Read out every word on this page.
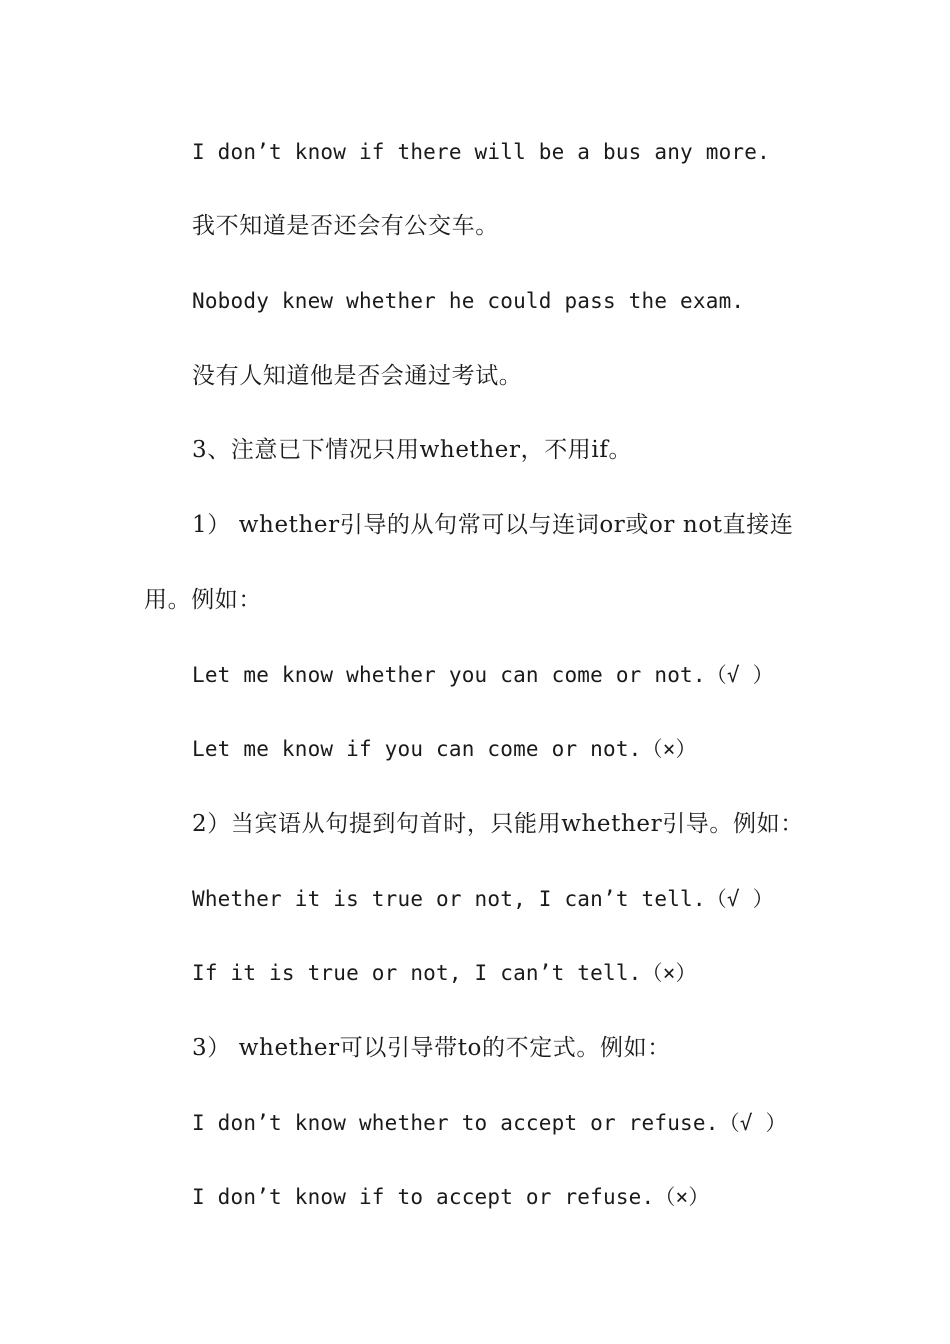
I don’t know if there will be a bus any more.
我不知道是否还会有公交车。
Nobody knew whether he could pass the exam.
没有人知道他是否会通过考试。
3、注意已下情况只用whether，不用if。
1） whether引导的从句常可以与连词or或or not直接连
用。例如：
Let me know whether you can come or not.（√ ）
Let me know if you can come or not.（×）
2）当宾语从句提到句首时，只能用whether引导。例如：
Whether it is true or not, I can’t tell.（√ ）
If it is true or not, I can’t tell.（×）
3） whether可以引导带to的不定式。例如：
I don’t know whether to accept or refuse.（√ ）
I don’t know if to accept or refuse.（×）
